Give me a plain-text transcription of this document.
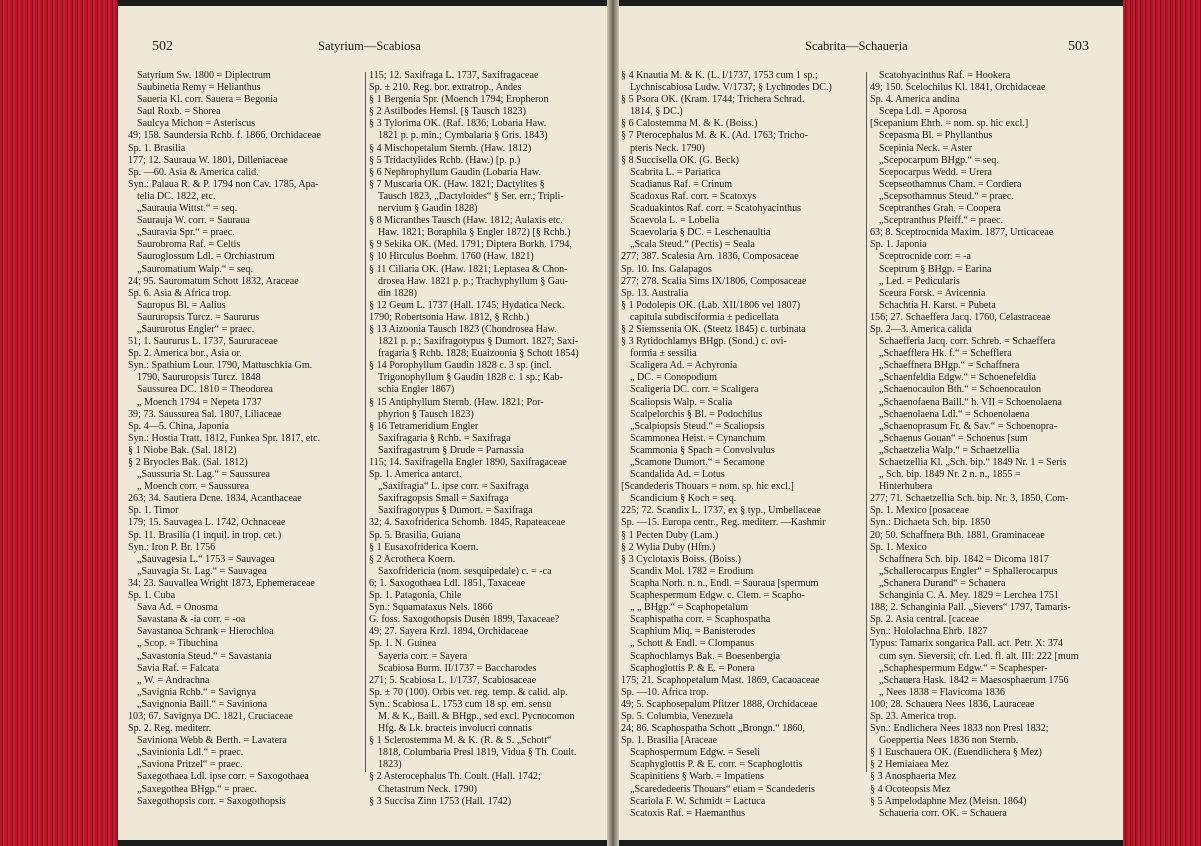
502	Satyrium—Scabiosa
Satyrium Sw. 1800 = Diplectrum
Saubinetia Remy = Helianthus
Saueria Kl. corr. Sauera = Begonia
Saul Roxb. = Shorea
Saulcya Michon = Asteriscus
49; 158. Saundersia Rchb. f. 1866, Orchidaceae
Sp. 1. Brasilia
177; 12. Sauraua W. 1801, Dilleniaceae
Sp. —60. Asia & America calid.
Syn.: Palaua R. & P. 1794 non Cav. 1785, Apa-
telia DC. 1822, etc.
„Saurauia Wittst.“ = seq.
Saurauja W. corr. = Sauraua
„Sauravia Spr.“ = praec.
Saurobroma Raf. = Celtis
Sauroglossum Ldl. = Orchiastrum
„Sauromatium Walp.“ = seq.
24; 95. Sauromatum Schott 1832, Araceae
Sp. 6. Asia & Africa trop.
Sauropus Bl. = Aalius
Saururopsis Turcz. = Saururus
„Saururotus Engler“ = praec.
51; 1. Saururus L. 1737, Saururaceae
Sp. 2. America bor., Asia or.
Syn.: Spathium Lour. 1790, Mattuschkia Gm.
1790, Saururopsis Turcz. 1848
Saussurea DC. 1810 = Theodorea
„ Moench 1794 = Nepeta 1737
39; 73. Saussurea Sal. 1807, Liliaceae
Sp. 4—5. China, Japonia
Syn.: Hostia Tratt. 1812, Funkea Spr. 1817, etc.
§ 1 Niobe Bak. (Sal. 1812)
§ 2 Bryocles Bak. (Sal. 1812)
„Saussuria St. Lag.“ = Saussurea
„ Moench corr. = Saussurea
263; 34. Sautiera Dcne. 1834, Acanthaceae
Sp. 1. Timor
179; 15. Sauvagea L. 1742, Ochnaceae
Sp. 11. Brasilia (1 inquil. in trop. cet.)
Syn.: Iron P. Br. 1756
„Sauvagesia L.“ 1753 = Sauvagea
„Sauvagia St. Lag.“ = Sauvagea
34; 23. Sauvallea Wright 1873, Ephemeraceae
Sp. 1. Cuba
Sava Ad. = Onosma
Savastana & -ia corr. = -oa
Savastanoa Schrank = Hierochloa
„ Scop. = Tibuchina
„Savastonia Steud.“ = Savastania
Savia Raf. = Falcata
„ W. = Andrachna
„Savignia Rchb.“ = Savignya
„Savignonia Baill.“ = Saviniona
103; 67. Savignya DC. 1821, Cruciaceae
Sp. 2. Reg. mediterr.
Saviniona Webb & Berth. = Lavatera
„Savinionia Ldl.“ = praec.
„Saviona Pritzel“ = praec.
Saxegothaea Ldl. ipse corr. = Saxogothaea
„Saxegothea BHgp.“ = praec.
Saxegothopsis corr. = Saxogothopsis
115; 12. Saxifraga L. 1737, Saxifragaceae
Sp. ± 210. Reg. bor. extratrop., Andes
§ 1 Bergenia Spr. (Moench 1794; Eropheron
§ 2 Astilbodes Hemsl. [§ Tausch 1823)
§ 3 Tylorima OK. (Raf. 1836; Lobaria Haw.
1821 p. p. min.; Cymbalaria § Gris. 1843)
§ 4 Mischopetalum Sternb. (Haw. 1812)
§ 5 Tridactylides Rchb. (Haw.) [p. p.)
§ 6 Nephrophyllum Gaudin (Lobaria Haw.
§ 7 Muscaria OK. (Haw. 1821; Dactylites §
Tausch 1823, „Dactyloides“ § Ser. err.; Tripli-
nervium § Gaudin 1828)
§ 8 Micranthes Tausch (Haw. 1812; Aulaxis etc.
Haw. 1821; Boraphila § Engler 1872) [§ Rchb.)
§ 9 Sekika OK. (Med. 1791; Diptera Borkh. 1794,
§ 10 Hirculus Boehm. 1760 (Haw. 1821)
§ 11 Ciliaria OK. (Haw. 1821; Leptasea & Chon-
drosea Haw. 1821 p. p.; Trachyphyllum § Gau-
din 1828)
§ 12 Geum L. 1737 (Hall. 1745; Hydatica Neck.
1790; Robertsonia Haw. 1812, § Rchb.)
§ 13 Aizoonia Tausch 1823 (Chondrosea Haw.
1821 p. p.; Saxifragotypus § Dumort. 1827; Saxi-
fragaria § Rchb. 1828; Euaizoonia § Schott 1854)
§ 14 Porophyllum Gaudin 1828 c. 3 sp. (incl.
Trigonophyllum § Gaudin 1828 c. 1 sp.; Kab-
schia Engler 1867)
§ 15 Antiphyllum Sternb. (Haw. 1821; Por-
phyrion § Tausch 1823)
§ 16 Tetrameridium Engler
Saxifragaria § Rchb. = Saxifraga
Saxifragastrum § Drude = Parnassia
115; 14. Saxifragella Engler 1890, Saxifragaceae
Sp. 1. America antarct.
„Saxifragia“ L. ipse corr. = Saxifraga
Saxifragopsis Small = Saxifraga
Saxifragotypus § Dumort. = Saxifraga
32; 4. Saxofriderica Schomb. 1845, Rapateaceae
Sp. 5. Brasilia, Guiana
§ 1 Eusaxofriderica Koern.
§ 2 Acrotheca Koern.
Saxofridericia (nom. sesquipedale) c. = -ca
6; 1. Saxogothaea Ldl. 1851, Taxaceae
Sp. 1. Patagonia, Chile
Syn.: Squamataxus Nels. 1866
G. foss. Saxogothopsis Dusén 1899, Taxaceae?
49; 27. Sayera Krzl. 1894, Orchidaceae
Sp. 1. N. Guinea
Sayeria corr. = Sayera
Scabiosa Burm. II/1737 = Baccharodes
271; 5. Scabiosa L. 1/1737, Scabiosaceae
Sp. ± 70 (100). Orbis vet. reg. temp. & calid. alp.
Syn.: Scabiosa L. 1753 cum 18 sp. em. sensu
M. & K., Baill. & BHgp., sed excl. Pycnocomon
Hfg. & Lk. bracteis involucri connatis
§ 1 Sclerostemma M. & K. (R. & S. „Schott“
1818, Columbaria Presl 1819, Vidua § Th. Coult.
1823)
§ 2 Asterocephalus Th. Coult. (Hall. 1742;
Chetastrum Neck. 1790)
§ 3 Succisa Zinn 1753 (Hall. 1742)
Scabrita—Schaueria	503
§ 4 Knautia M. & K. (L. I/1737, 1753 cum 1 sp.;
Lychniscabiosa Ludw. V/1737; § Lychnodes DC.)
§ 5 Psora OK. (Kram. 1744; Trichera Schrad.
1814, § DC.)
§ 6 Calostemma M. & K. (Boiss.)
§ 7 Pterocephalus M. & K. (Ad. 1763; Tricho-
pteris Neck. 1790)
§ 8 Succisella OK. (G. Beck)
Scabrita L. = Pariatica
Scadianus Raf. = Crinum
Scadoxus Raf. corr. = Scatoxys
Scaduakintos Raf. corr. = Scatohyacinthus
Scaevola L. = Lobelia
Scaevolaria § DC. = Leschenaultia
„Scala Steud.“ (Pectis) = Seala
277; 387. Scalesia Arn. 1836, Composaceae
Sp. 10. Ins. Galapagos
277; 278. Scalia Sims IX/1806, Composaceae
Sp. 13. Australia
§ 1 Podolepis OK. (Lab. XII/1806 vel 1807)
capitula subdisciformia ± pedicellata
§ 2 Siemssenia OK. (Steetz 1845) c. turbinata
§ 3 Rytidochlamys BHgp. (Sond.) c. ovi-
formia ± sessilia
Scaligera Ad. = Achyronia
„ DC. = Conopodium
Scaligeria DC. corr. = Scaligera
Scaliopsis Walp. = Scalia
Scalpelorchis § Bl. = Podochilus
„Scalpiopsis Steud.“ = Scaliopsis
Scammonea Heist. = Cynanchum
Scammonia § Spach = Convolvulus
„Scamone Dumort.“ = Secamone
Scandalida Ad. = Lotus
[Scandederis Thouars = nom. sp. hic excl.]
Scandicium § Koch = seq.
225; 72. Scandix L. 1737, ex § typ., Umbellaceae
Sp. —15. Europa centr., Reg. mediterr. —Kashmir
§ 1 Pecten Duby (Lam.)
§ 2 Wylia Duby (Hfm.)
§ 3 Cyclotaxis Boiss. (Boiss.)
Scandix Mol. 1782 = Erodium
Scapha Norh. n. n., Endl. = Sauraua [spermum
Scaphespermum Edgw. c. Clem. = Scapho-
„ „ BHgp.“ = Scaphopetalum
Scaphispatha corr. = Scaphospatha
Scaphium Miq. = Banisterodes
„ Schott & Endl. = Clompanus
Scaphochlamys Bak. = Boesenbergia
Scaphoglottis P. & E. = Ponera
175; 21. Scaphopetalum Mast. 1869, Cacaoaceae
Sp. —10. Africa trop.
49; 5. Scaphosepalum Pfitzer 1888, Orchidaceae
Sp. 5. Columbia, Venezuela
24; 86. Scaphospatha Schott „Brongn.“ 1860,
Sp. 1. Brasilia [Araceae
Scaphospermum Edgw. = Seseli
Scaphyglottis P. & E. corr. = Scaphoglottis
Scapinitiens § Warb. = Impatiens
„Scarededeeris Thouars“ etiam = Scandederis
Scariola F. W. Schmidt = Lactuca
Scatoxis Raf. = Haemanthus
Scatohyacinthus Raf. = Hookera
49; 150. Scelochilus Kl. 1841, Orchidaceae
Sp. 4. America andina
Scepa Ldl. = Aporosa
[Scepanium Ehrh. = nom. sp. hic excl.]
Scepasma Bl. = Phyllanthus
Scepinia Neck. = Aster
„Scepocarpum BHgp.“ = seq.
Scepocarpus Wedd. = Urera
Scepseothamnus Cham. = Cordiera
„Scepsothamnus Steud.“ = praec.
Sceptranthes Grah. = Coopera
„Sceptranthus Pfeiff.“ = praec.
63; 8. Sceptrocnida Maxim. 1877, Urticaceae
Sp. 1. Japonia
Sceptrocnide corr. = -a
Sceptrum § BHgp. = Earina
„ Led. = Pedicularis
Sceura Forsk. = Avicennia
Schachtia H. Karst. = Pubeta
156; 27. Schaeffera Jacq. 1760, Celastraceae
Sp. 2—3. America calida
Schaefferia Jacq. corr. Schreb. = Schaeffera
„Schaefflera Hk. f.“ = Schefflera
„Schaeffnera BHgp.“ = Schaffnera
„Schaenfeldia Edgw.“ = Schoenefeldia
„Schaenocaulon Bth.“ = Schoenocaulon
„Schaenofaena Baill.“ h. VII = Schoenolaena
„Schaenolaena Ldl.“ = Schoenolaena
„Schaenoprasum Fr. & Sav.“ = Schoenopra-
„Schaenus Gouan“ = Schoenus [sum
„Schaetzelia Walp.“ = Schaetzellia
Schaetzellia Kl. „Sch. bip.“ 1849 Nr. 1 = Seris
„ Sch. bip. 1849 Nr. 2 n. n., 1855 =
Hinterhubera
277; 71. Schaetzellia Sch. bip. Nr. 3, 1850, Com-
Sp. 1. Mexico [posaceae
Syn.: Dichaeta Sch. bip. 1850
20; 50. Schaffnera Bth. 1881, Graminaceae
Sp. 1. Mexico
Schaffnera Sch. bip. 1842 = Dicoma 1817
„Schallerocarpus Engler“ = Sphallerocarpus
„Schanera Durand“ = Schauera
Schanginia C. A. Mey. 1829 = Lerchea 1751
188; 2. Schanginia Pall. „Sievers“ 1797, Tamaris-
Sp. 2. Asia central. [caceae
Syn.: Hololachna Ehrb. 1827
Typus: Tamarix songarica Pall. act. Petr. X: 374
cum syn. Sieversii; cfr. Led. fl. alt. III: 222 [mum
„Schaphespermum Edgw.“ = Scaphesper-
„Schauera Hask. 1842 = Maesosphaerum 1756
„ Nees 1838 = Flavicoma 1836
100; 28. Schauera Nees 1836, Lauraceae
Sp. 23. America trop.
Syn.: Endlichera Nees 1833 non Presl 1832;
Goeppertia Nees 1836 non Sternb.
§ 1 Euschauera OK. (Euendlichera § Mez)
§ 2 Hemiaiaea Mez
§ 3 Anosphaeria Mez
§ 4 Ocoteopsis Mez
§ 5 Ampelodaphne Mez (Meisn. 1864)
Schaueria corr. OK. = Schauera
